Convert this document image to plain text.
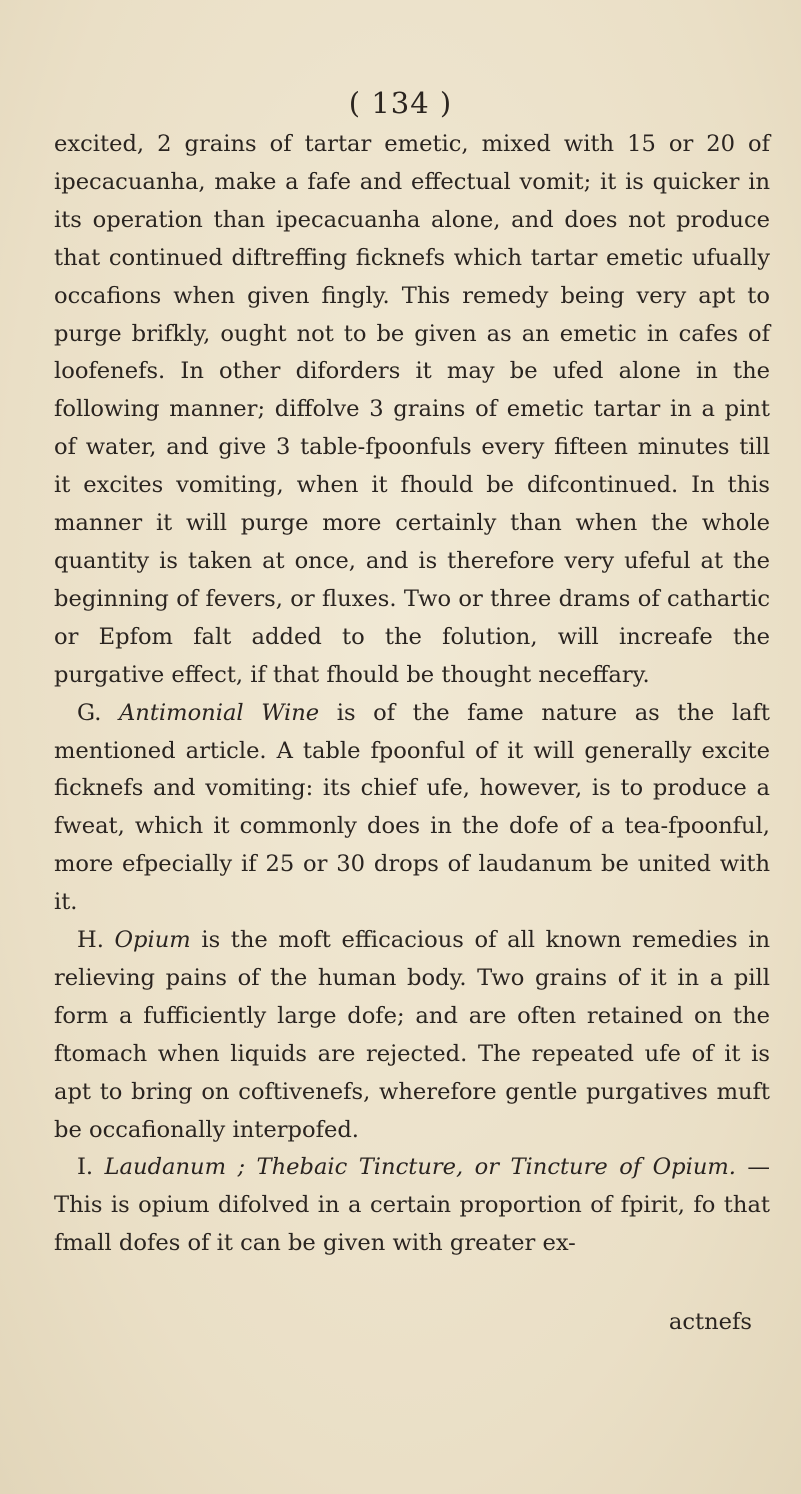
( 134 )

excited, 2 grains of tartar emetic, mixed with 15 or 20 of ipecacuanha, make a fafe and effectual vomit; it is quicker in its operation than ipecacuanha alone, and does not produce that continued diftreffing ficknefs which tartar emetic ufually occafions when given fingly. This remedy being very apt to purge brifkly, ought not to be given as an emetic in cafes of loofenefs. In other diforders it may be ufed alone in the following manner; diffolve 3 grains of emetic tartar in a pint of water, and give 3 table-fpoonfuls every fifteen minutes till it excites vomiting, when it fhould be difcontinued. In this manner it will purge more certainly than when the whole quantity is taken at once, and is therefore very ufeful at the beginning of fevers, or fluxes. Two or three drams of cathartic or Epfom falt added to the folution, will increafe the purgative effect, if that fhould be thought neceffary.

G. Antimonial Wine is of the fame nature as the laft mentioned article. A table fpoonful of it will generally excite ficknefs and vomiting: its chief ufe, however, is to produce a fweat, which it commonly does in the dofe of a tea-fpoonful, more efpecially if 25 or 30 drops of laudanum be united with it.

H. Opium is the moft efficacious of all known remedies in relieving pains of the human body. Two grains of it in a pill form a fufficiently large dofe; and are often retained on the ftomach when liquids are rejected. The repeated ufe of it is apt to bring on coftivenefs, wherefore gentle purgatives muft be occafionally interpofed.

I. Laudanum ; Thebaic Tincture, or Tincture of Opium. —This is opium difolved in a certain proportion of fpirit, fo that fmall dofes of it can be given with greater ex-

actnefs
